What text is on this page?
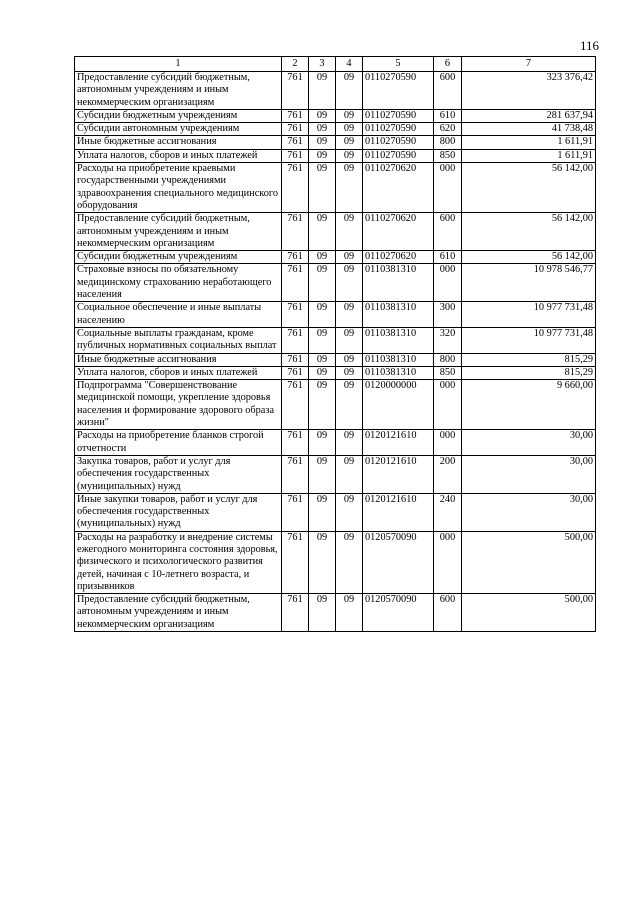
116
1	2	3	4	5	6	7
Предоставление субсидий бюджетным, автономным учреждениям и иным некоммерческим организациям	761	09	09	0110270590	600	323 376,42
Субсидии бюджетным учреждениям	761	09	09	0110270590	610	281 637,94
Субсидии автономным учреждениям	761	09	09	0110270590	620	41 738,48
Иные бюджетные ассигнования	761	09	09	0110270590	800	1 611,91
Уплата налогов, сборов и иных платежей	761	09	09	0110270590	850	1 611,91
Расходы на приобретение краевыми государственными учреждениями здравоохранения специального медицинского оборудования	761	09	09	0110270620	000	56 142,00
Предоставление субсидий бюджетным, автономным учреждениям и иным некоммерческим организациям	761	09	09	0110270620	600	56 142,00
Субсидии бюджетным учреждениям	761	09	09	0110270620	610	56 142,00
Страховые взносы по обязательному медицинскому страхованию неработающего населения	761	09	09	0110381310	000	10 978 546,77
Социальное обеспечение и иные выплаты населению	761	09	09	0110381310	300	10 977 731,48
Социальные выплаты гражданам, кроме публичных нормативных социальных выплат	761	09	09	0110381310	320	10 977 731,48
Иные бюджетные ассигнования	761	09	09	0110381310	800	815,29
Уплата налогов, сборов и иных платежей	761	09	09	0110381310	850	815,29
Подпрограмма "Совершенствование медицинской помощи, укрепление здоровья населения и формирование здорового образа жизни"	761	09	09	0120000000	000	9 660,00
Расходы на приобретение бланков строгой отчетности	761	09	09	0120121610	000	30,00
Закупка товаров, работ и услуг для обеспечения государственных (муниципальных) нужд	761	09	09	0120121610	200	30,00
Иные закупки товаров, работ и услуг для обеспечения государственных (муниципальных) нужд	761	09	09	0120121610	240	30,00
Расходы на разработку и внедрение системы ежегодного мониторинга состояния здоровья, физического и психологического развития детей, начиная с 10-летнего возраста, и призывников	761	09	09	0120570090	000	500,00
Предоставление субсидий бюджетным, автономным учреждениям и иным некоммерческим организациям	761	09	09	0120570090	600	500,00
